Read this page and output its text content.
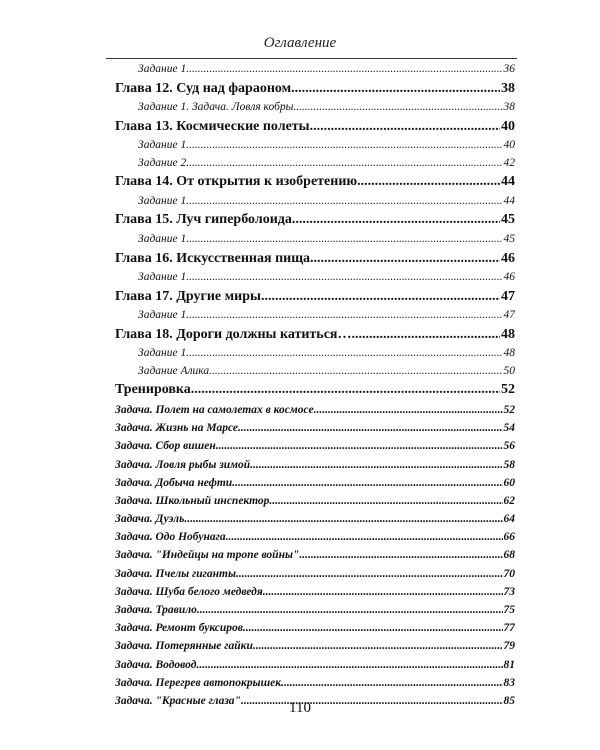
Оглавление
Задание 1 .....	36
Глава 12. Суд над фараоном .....	38
Задание 1. Задача. Ловля кобры .....	38
Глава 13. Космические полеты .....	40
Задание 1 .....	40
Задание 2 .....	42
Глава 14. От открытия к изобретению .....	44
Задание 1 .....	44
Глава 15. Луч гиперболоида .....	45
Задание 1 .....	45
Глава 16. Искусственная пища .....	46
Задание 1 .....	46
Глава 17. Другие миры .....	47
Задание 1 .....	47
Глава 18. Дороги должны катиться… .....	48
Задание 1 .....	48
Задание Алика .....	50
Тренировка .....	52
Задача. Полет на самолетах в космосе .....	52
Задача. Жизнь на Марсе .....	54
Задача. Сбор вишен .....	56
Задача. Ловля рыбы зимой .....	58
Задача. Добыча нефти .....	60
Задача. Школьный инспектор .....	62
Задача. Дуэль .....	64
Задача. Одо Нобунага .....	66
Задача. "Индейцы на тропе войны" .....	68
Задача. Пчелы гиганты .....	70
Задача. Шуба белого медведя .....	73
Задача. Травило .....	75
Задача. Ремонт буксиров .....	77
Задача. Потерянные гайки .....	79
Задача. Водовод .....	81
Задача. Перегрев автопокрышек .....	83
Задача. "Красные глаза" .....	85
110
